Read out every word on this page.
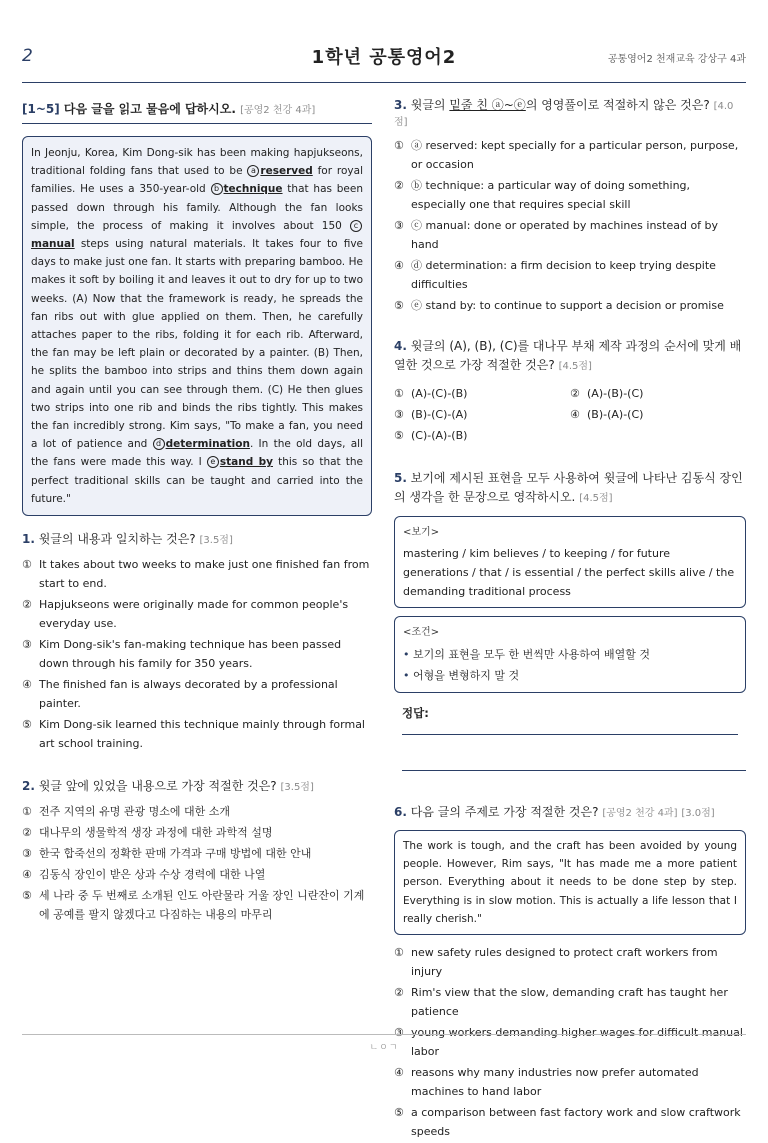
2	1학년 공통영어2	공통영어2 천재교육 강상구 4과
[1~5] 다음 글을 읽고 물음에 답하시오. [공영2 천강 4과]
In Jeonju, Korea, Kim Dong-sik has been making hapjukseons, traditional folding fans that used to be a reserved for royal families. He uses a 350-year-old b technique that has been passed down through his family. Although the fan looks simple, the process of making it involves about 150 cmanual steps using natural materials. It takes four to five days to make just one fan. It starts with preparing bamboo. He makes it soft by boiling it and leaves it out to dry for up to two weeks. (A) Now that the framework is ready, he spreads the fan ribs out with glue applied on them. Then, he carefully attaches paper to the ribs, folding it for each rib. Afterward, the fan may be left plain or decorated by a painter. (B) Then, he splits the bamboo into strips and thins them down again and again until you can see through them. (C) He then glues two strips into one rib and binds the ribs tightly. This makes the fan incredibly strong. Kim says, "To make a fan, you need a lot of patience and d determination. In the old days, all the fans were made this way. I e stand by this so that the perfect traditional skills can be taught and carried into the future."
1. 윗글의 내용과 일치하는 것은? [3.5점]
① It takes about two weeks to make just one finished fan from start to end.
② Hapjukseons were originally made for common people's everyday use.
③ Kim Dong-sik's fan-making technique has been passed down through his family for 350 years.
④ The finished fan is always decorated by a professional painter.
⑤ Kim Dong-sik learned this technique mainly through formal art school training.
2. 윗글 앞에 있었을 내용으로 가장 적절한 것은? [3.5점]
① 전주 지역의 유명 관광 명소에 대한 소개
② 대나무의 생물학적 생장 과정에 대한 과학적 설명
③ 한국 합죽선의 정확한 판매 가격과 구매 방법에 대한 안내
④ 김동식 장인이 받은 상과 수상 경력에 대한 나열
⑤ 세 나라 중 두 번째로 소개된 인도 아란물라 거울 장인 니란잔이 기계에 공예를 팔지 않겠다고 다짐하는 내용의 마무리
3. 윗글의 밑줄 친 ⓐ~ⓔ의 영영풀이로 적절하지 않은 것은? [4.0점]
① ⓐ reserved: kept specially for a particular person, purpose, or occasion
② ⓑ technique: a particular way of doing something, especially one that requires special skill
③ ⓒ manual: done or operated by machines instead of by hand
④ ⓓ determination: a firm decision to keep trying despite difficulties
⑤ ⓔ stand by: to continue to support a decision or promise
4. 윗글의 (A), (B), (C)를 대나무 부채 제작 과정의 순서에 맞게 배열한 것으로 가장 적절한 것은? [4.5점]
① (A)-(C)-(B)	② (A)-(B)-(C)
③ (B)-(C)-(A)	④ (B)-(A)-(C)
⑤ (C)-(A)-(B)
5. 보기에 제시된 표현을 모두 사용하여 윗글에 나타난 김동식 장인의 생각을 한 문장으로 영작하시오. [4.5점]
<보기>
mastering / kim believes / to keeping / for future generations / that / is essential / the perfect skills alive / the demanding traditional process
<조건>
• 보기의 표현을 모두 한 번씩만 사용하여 배열할 것
• 어형을 변형하지 말 것
정답:
6. 다음 글의 주제로 가장 적절한 것은? [공영2 천강 4과] [3.0점]
The work is tough, and the craft has been avoided by young people. However, Rim says, "It has made me a more patient person. Everything about it needs to be done step by step. Everything is in slow motion. This is actually a life lesson that I really cherish."
① new safety rules designed to protect craft workers from injury
② Rim's view that the slow, demanding craft has taught her patience
③ young workers demanding higher wages for difficult manual labor
④ reasons why many industries now prefer automated machines to hand labor
⑤ a comparison between fast factory work and slow craftwork speeds
ㄴㅇㄱ
